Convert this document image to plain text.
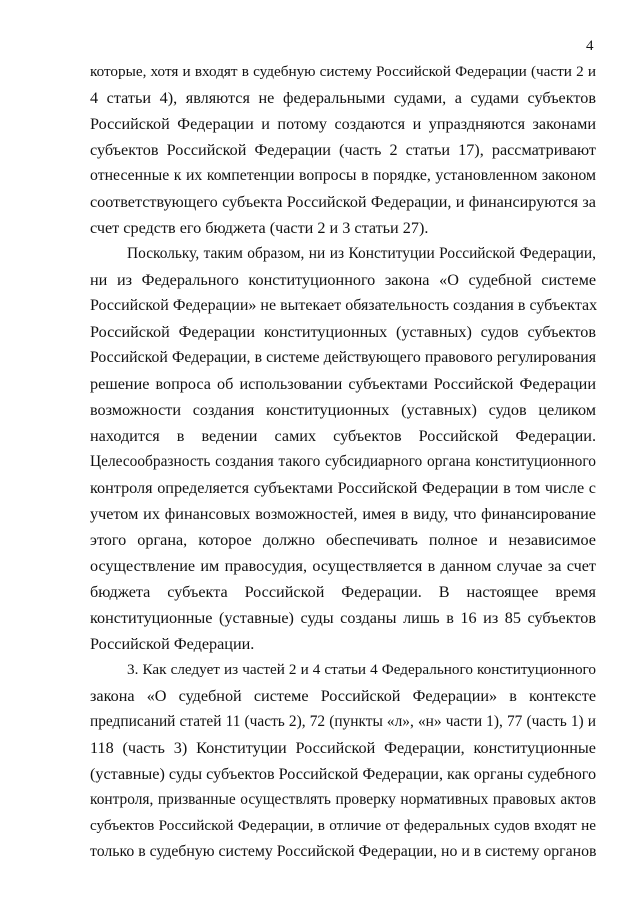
4
которые, хотя и входят в судебную систему Российской Федерации (части 2 и
4 статьи 4), являются не федеральными судами, а судами субъектов
Российской Федерации и потому создаются и упраздняются законами
субъектов Российской Федерации (часть 2 статьи 17), рассматривают
отнесенные к их компетенции вопросы в порядке, установленном законом
соответствующего субъекта Российской Федерации, и финансируются за
счет средств его бюджета (части 2 и 3 статьи 27).
Поскольку, таким образом, ни из Конституции Российской Федерации,
ни из Федерального конституционного закона «О судебной системе
Российской Федерации» не вытекает обязательность создания в субъектах
Российской Федерации конституционных (уставных) судов субъектов
Российской Федерации, в системе действующего правового регулирования
решение вопроса об использовании субъектами Российской Федерации
возможности создания конституционных (уставных) судов целиком
находится в ведении самих субъектов Российской Федерации.
Целесообразность создания такого субсидиарного органа конституционного
контроля определяется субъектами Российской Федерации в том числе с
учетом их финансовых возможностей, имея в виду, что финансирование
этого органа, которое должно обеспечивать полное и независимое
осуществление им правосудия, осуществляется в данном случае за счет
бюджета субъекта Российской Федерации. В настоящее время
конституционные (уставные) суды созданы лишь в 16 из 85 субъектов
Российской Федерации.
3. Как следует из частей 2 и 4 статьи 4 Федерального конституционного
закона «О судебной системе Российской Федерации» в контексте
предписаний статей 11 (часть 2), 72 (пункты «л», «н» части 1), 77 (часть 1) и
118 (часть 3) Конституции Российской Федерации, конституционные
(уставные) суды субъектов Российской Федерации, как органы судебного
контроля, призванные осуществлять проверку нормативных правовых актов
субъектов Российской Федерации, в отличие от федеральных судов входят не
только в судебную систему Российской Федерации, но и в систему органов
